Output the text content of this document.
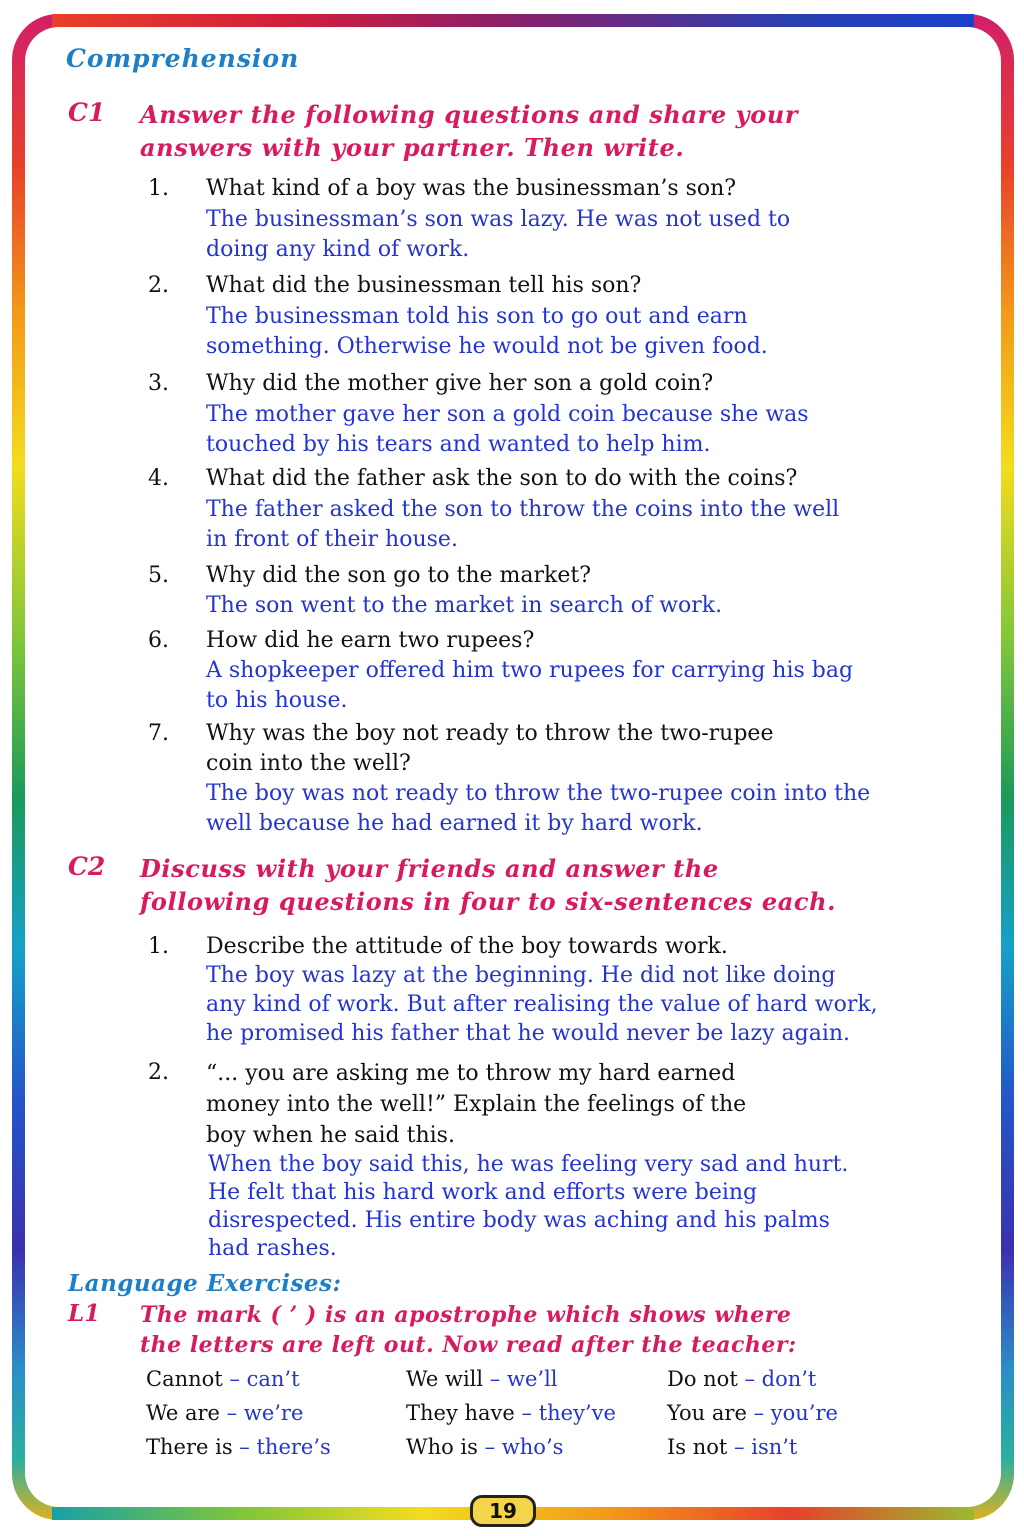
Comprehension
C1 Answer the following questions and share your
answers with your partner. Then write.

1. What kind of a boy was the businessman’s son?

The businessman’s son was lazy. He was not used to
doing any kind of work.

2. What did the businessman tell his son?

The businessman told his son to go out and earn
something. Otherwise he would not be given food.

3. Why did the mother give her son a gold coin?

The mother gave her son a gold coin because she was
touched by his tears and wanted to help him.

4. What did the father ask the son to do with the coins?

The father asked the son to throw the coins into the well
in front of their house.

5. Why did the son go to the market?

The son went to the market in search of work.

6. How did he earn two rupees?

A shopkeeper offered him two rupees for carrying his bag
to his house.

7. Why was the boy not ready to throw the two-rupee
coin into the well?

The boy was not ready to throw the two-rupee coin into the
well because he had earned it by hard work.

C2 Discuss with your friends and answer the
following questions in four to six-sentences each.

1. Describe the attitude of the boy towards work.

The boy was lazy at the beginning. He did not like doing
any kind of work. But after realising the value of hard work,
he promised his father that he would never be lazy again.

2. “... you are asking me to throw my hard earned
money into the well!” Explain the feelings of the
boy when he said this.

When the boy said this, he was feeling very sad and hurt.
He felt that his hard work and efforts were being
disrespected. His entire body was aching and his palms
had rashes.

Language Exercises:
L1 The mark ( ’ ) is an apostrophe which shows where
the letters are left out. Now read after the teacher:

Cannot – can’t	We will – we’ll	Do not – don’t
We are – we’re	They have – they’ve You are – you’re
There is – there’s	Who is – who’s	Is not – isn’t
19
